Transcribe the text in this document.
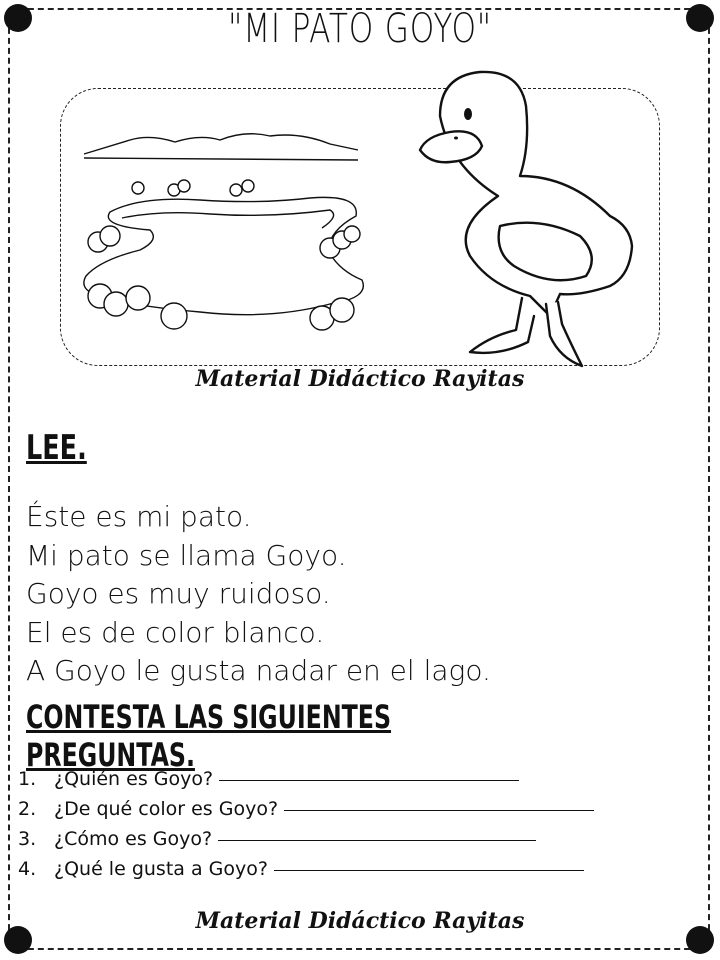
"MI PATO GOYO"
Material Didáctico Rayitas
LEE.
Éste es mi pato.
Mi pato se llama Goyo.
Goyo es muy ruidoso.
El es de color blanco.
A Goyo le gusta nadar en el lago.
CONTESTA LAS SIGUIENTES PREGUNTAS.
1. ¿Quién es Goyo?
2. ¿De qué color es Goyo?
3. ¿Cómo es Goyo?
4. ¿Qué le gusta a Goyo?
Material Didáctico Rayitas
